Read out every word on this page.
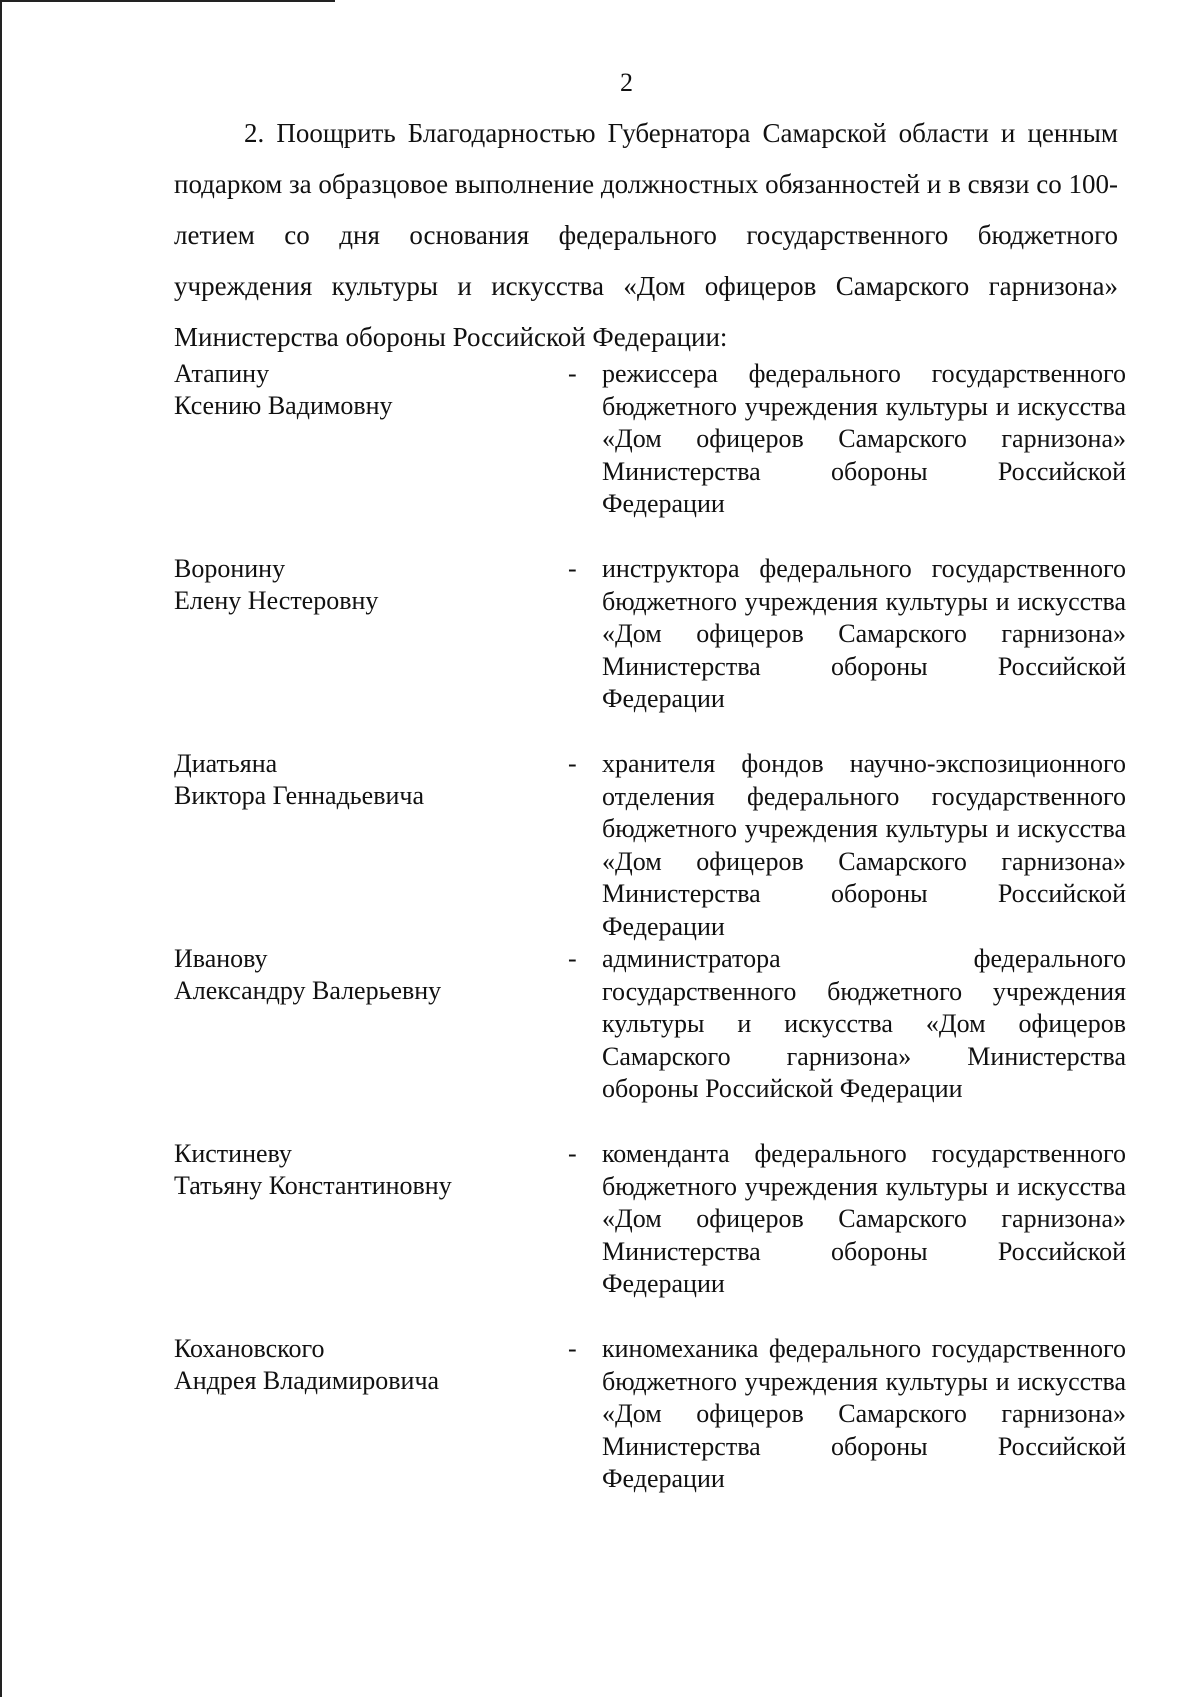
2

2. Поощрить Благодарностью Губернатора Самарской области и ценным подарком за образцовое выполнение должностных обязанностей и в связи со 100-летием со дня основания федерального государственного бюджетного учреждения культуры и искусства «Дом офицеров Самарского гарнизона» Министерства обороны Российской Федерации:

Атапину
Ксению Вадимовну
- режиссера федерального государственного бюджетного учреждения культуры и искусства «Дом офицеров Самарского гарнизона» Министерства обороны Российской Федерации
Воронину
Елену Нестеровну
- инструктора федерального государственного бюджетного учреждения культуры и искусства «Дом офицеров Самарского гарнизона» Министерства обороны Российской Федерации
Диатьяна
Виктора Геннадьевича
- хранителя фондов научно-экспозиционного отделения федерального государственного бюджетного учреждения культуры и искусства «Дом офицеров Самарского гарнизона» Министерства обороны Российской Федерации
Иванову
Александру Валерьевну
- администратора федерального государственного бюджетного учреждения культуры и искусства «Дом офицеров Самарского гарнизона» Министерства обороны Российской Федерации
Кистиневу
Татьяну Константиновну
- коменданта федерального государственного бюджетного учреждения культуры и искусства «Дом офицеров Самарского гарнизона» Министерства обороны Российской Федерации
Кохановского
Андрея Владимировича
- киномеханика федерального государственного бюджетного учреждения культуры и искусства «Дом офицеров Самарского гарнизона» Министерства обороны Российской Федерации
